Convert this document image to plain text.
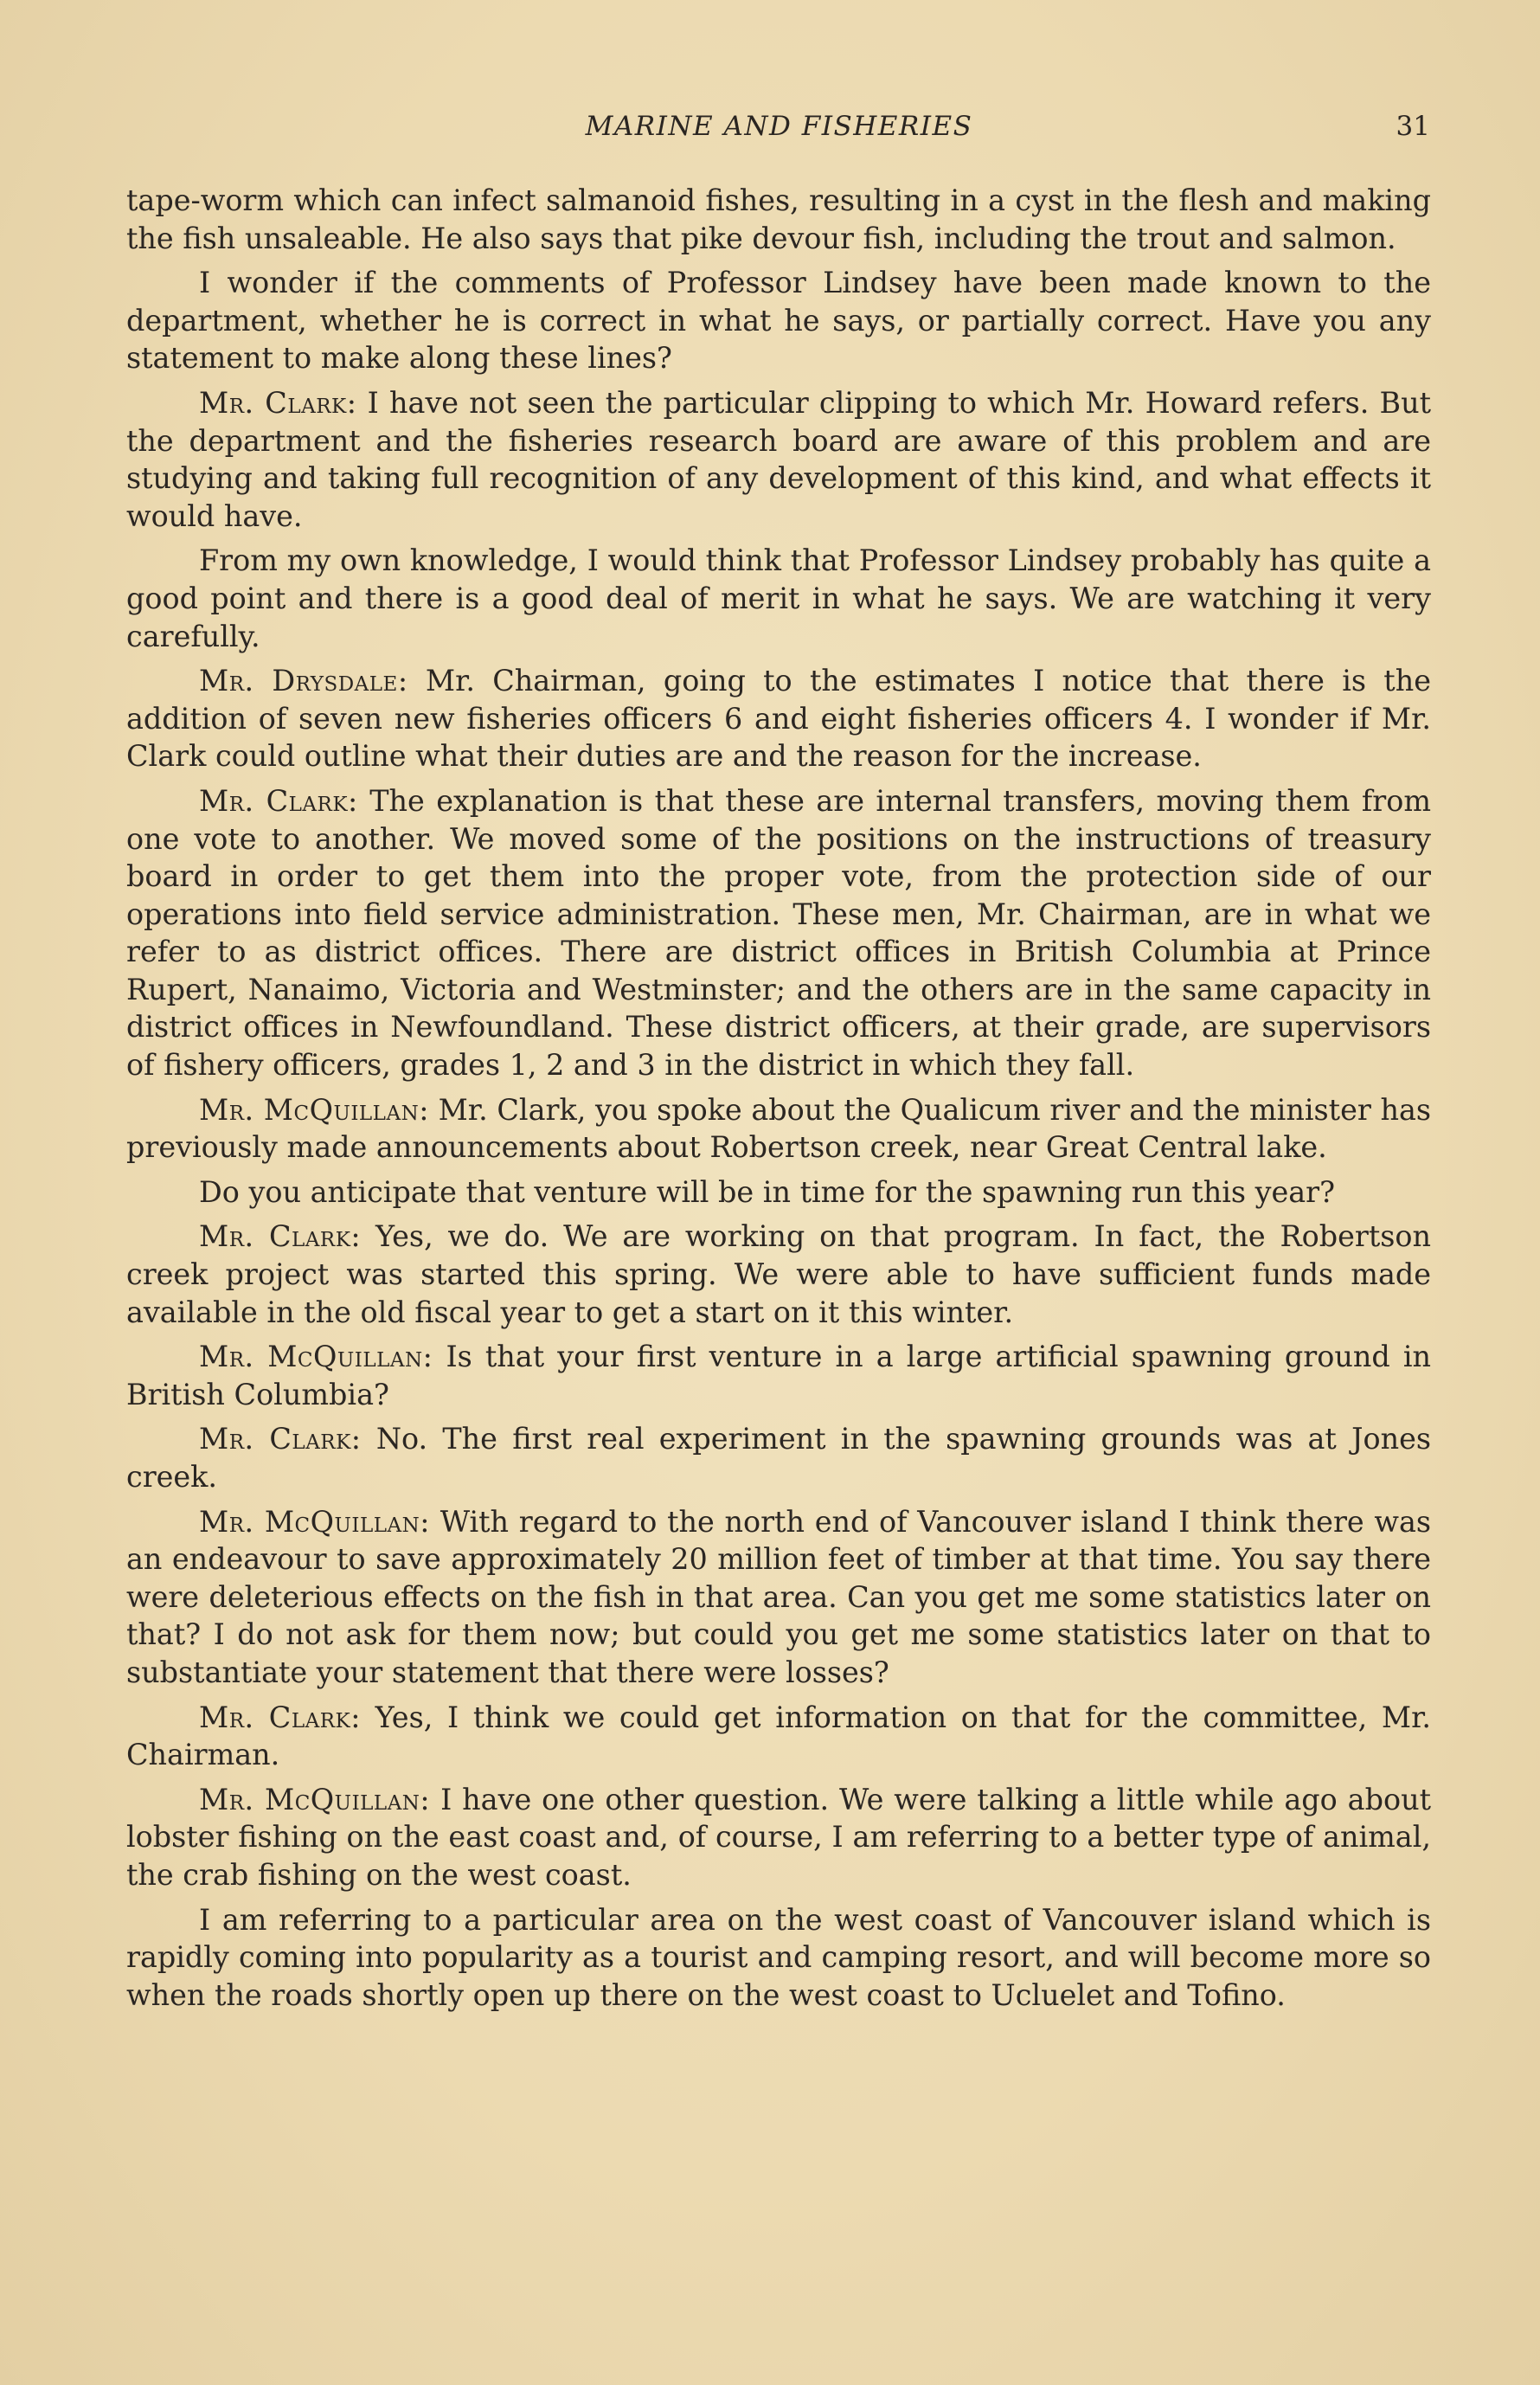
MARINE AND FISHERIES	31

tape-worm which can infect salmanoid fishes, resulting in a cyst in the flesh and making the fish unsaleable. He also says that pike devour fish, including the trout and salmon.

I wonder if the comments of Professor Lindsey have been made known to the department, whether he is correct in what he says, or partially correct. Have you any statement to make along these lines?

Mr. Clark: I have not seen the particular clipping to which Mr. Howard refers. But the department and the fisheries research board are aware of this problem and are studying and taking full recognition of any development of this kind, and what effects it would have.

From my own knowledge, I would think that Professor Lindsey probably has quite a good point and there is a good deal of merit in what he says. We are watching it very carefully.

Mr. Drysdale: Mr. Chairman, going to the estimates I notice that there is the addition of seven new fisheries officers 6 and eight fisheries officers 4. I wonder if Mr. Clark could outline what their duties are and the reason for the increase.

Mr. Clark: The explanation is that these are internal transfers, moving them from one vote to another. We moved some of the positions on the instructions of treasury board in order to get them into the proper vote, from the protection side of our operations into field service administration. These men, Mr. Chairman, are in what we refer to as district offices. There are district offices in British Columbia at Prince Rupert, Nanaimo, Victoria and Westminster; and the others are in the same capacity in district offices in Newfoundland. These district officers, at their grade, are supervisors of fishery officers, grades 1, 2 and 3 in the district in which they fall.

Mr. McQuillan: Mr. Clark, you spoke about the Qualicum river and the minister has previously made announcements about Robertson creek, near Great Central lake.

Do you anticipate that venture will be in time for the spawning run this year?

Mr. Clark: Yes, we do. We are working on that program. In fact, the Robertson creek project was started this spring. We were able to have sufficient funds made available in the old fiscal year to get a start on it this winter.

Mr. McQuillan: Is that your first venture in a large artificial spawning ground in British Columbia?

Mr. Clark: No. The first real experiment in the spawning grounds was at Jones creek.

Mr. McQuillan: With regard to the north end of Vancouver island I think there was an endeavour to save approximately 20 million feet of timber at that time. You say there were deleterious effects on the fish in that area. Can you get me some statistics later on that? I do not ask for them now; but could you get me some statistics later on that to substantiate your statement that there were losses?

Mr. Clark: Yes, I think we could get information on that for the committee, Mr. Chairman.

Mr. McQuillan: I have one other question. We were talking a little while ago about lobster fishing on the east coast and, of course, I am referring to a better type of animal, the crab fishing on the west coast.

I am referring to a particular area on the west coast of Vancouver island which is rapidly coming into popularity as a tourist and camping resort, and will become more so when the roads shortly open up there on the west coast to Ucluelet and Tofino.
